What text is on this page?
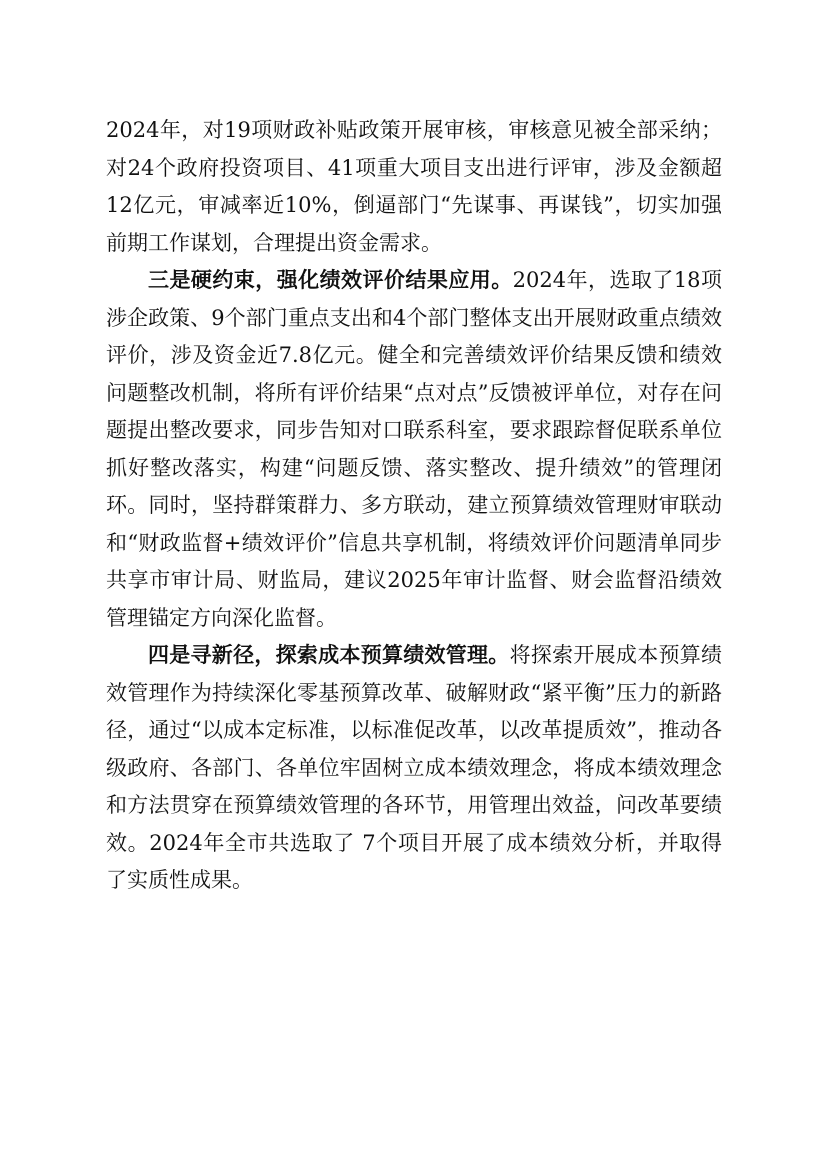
2024年，对19项财政补贴政策开展审核，审核意见被全部采纳；对24个政府投资项目、41项重大项目支出进行评审，涉及金额超12亿元，审减率近10%，倒逼部门“先谋事、再谋钱”，切实加强前期工作谋划，合理提出资金需求。

三是硬约束，强化绩效评价结果应用。2024年，选取了18项涉企政策、9个部门重点支出和4个部门整体支出开展财政重点绩效评价，涉及资金近7.8亿元。健全和完善绩效评价结果反馈和绩效问题整改机制，将所有评价结果“点对点”反馈被评单位，对存在问题提出整改要求，同步告知对口联系科室，要求跟踪督促联系单位抓好整改落实，构建“问题反馈、落实整改、提升绩效”的管理闭环。同时，坚持群策群力、多方联动，建立预算绩效管理财审联动和“财政监督+绩效评价”信息共享机制，将绩效评价问题清单同步共享市审计局、财监局，建议2025年审计监督、财会监督沿绩效管理锚定方向深化监督。

四是寻新径，探索成本预算绩效管理。将探索开展成本预算绩效管理作为持续深化零基预算改革、破解财政“紧平衡”压力的新路径，通过“以成本定标准，以标准促改革，以改革提质效”，推动各级政府、各部门、各单位牢固树立成本绩效理念，将成本绩效理念和方法贯穿在预算绩效管理的各环节，用管理出效益，问改革要绩效。2024年全市共选取了 7个项目开展了成本绩效分析，并取得了实质性成果。
